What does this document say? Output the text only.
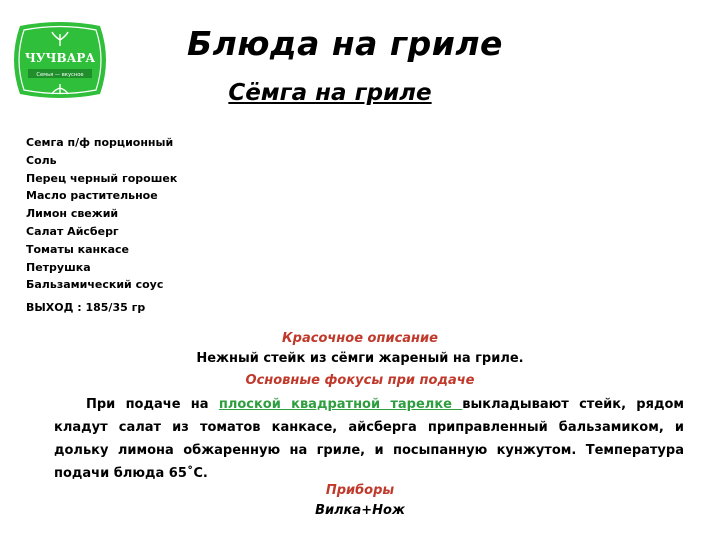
ЧУЧВАРА
Семья — вкусное
Блюда на гриле
Сёмга на гриле
Семга п/ф порционный
Соль
Перец черный горошек
Масло растительное
Лимон свежий
Салат Айсберг
Томаты канкасе
Петрушка
Бальзамический соус
ВЫХОД : 185/35 гр
Красочное описание
Нежный стейк из сёмги жареный на гриле.
Основные фокусы при подаче
При подаче на плоской квадратной тарелке выкладывают стейк, рядом кладут салат из томатов канкасе, айсберга приправленный бальзамиком, и дольку лимона обжаренную на гриле, и посыпанную кунжутом. Температура подачи блюда 65˚С.
Приборы
Вилка+Нож
